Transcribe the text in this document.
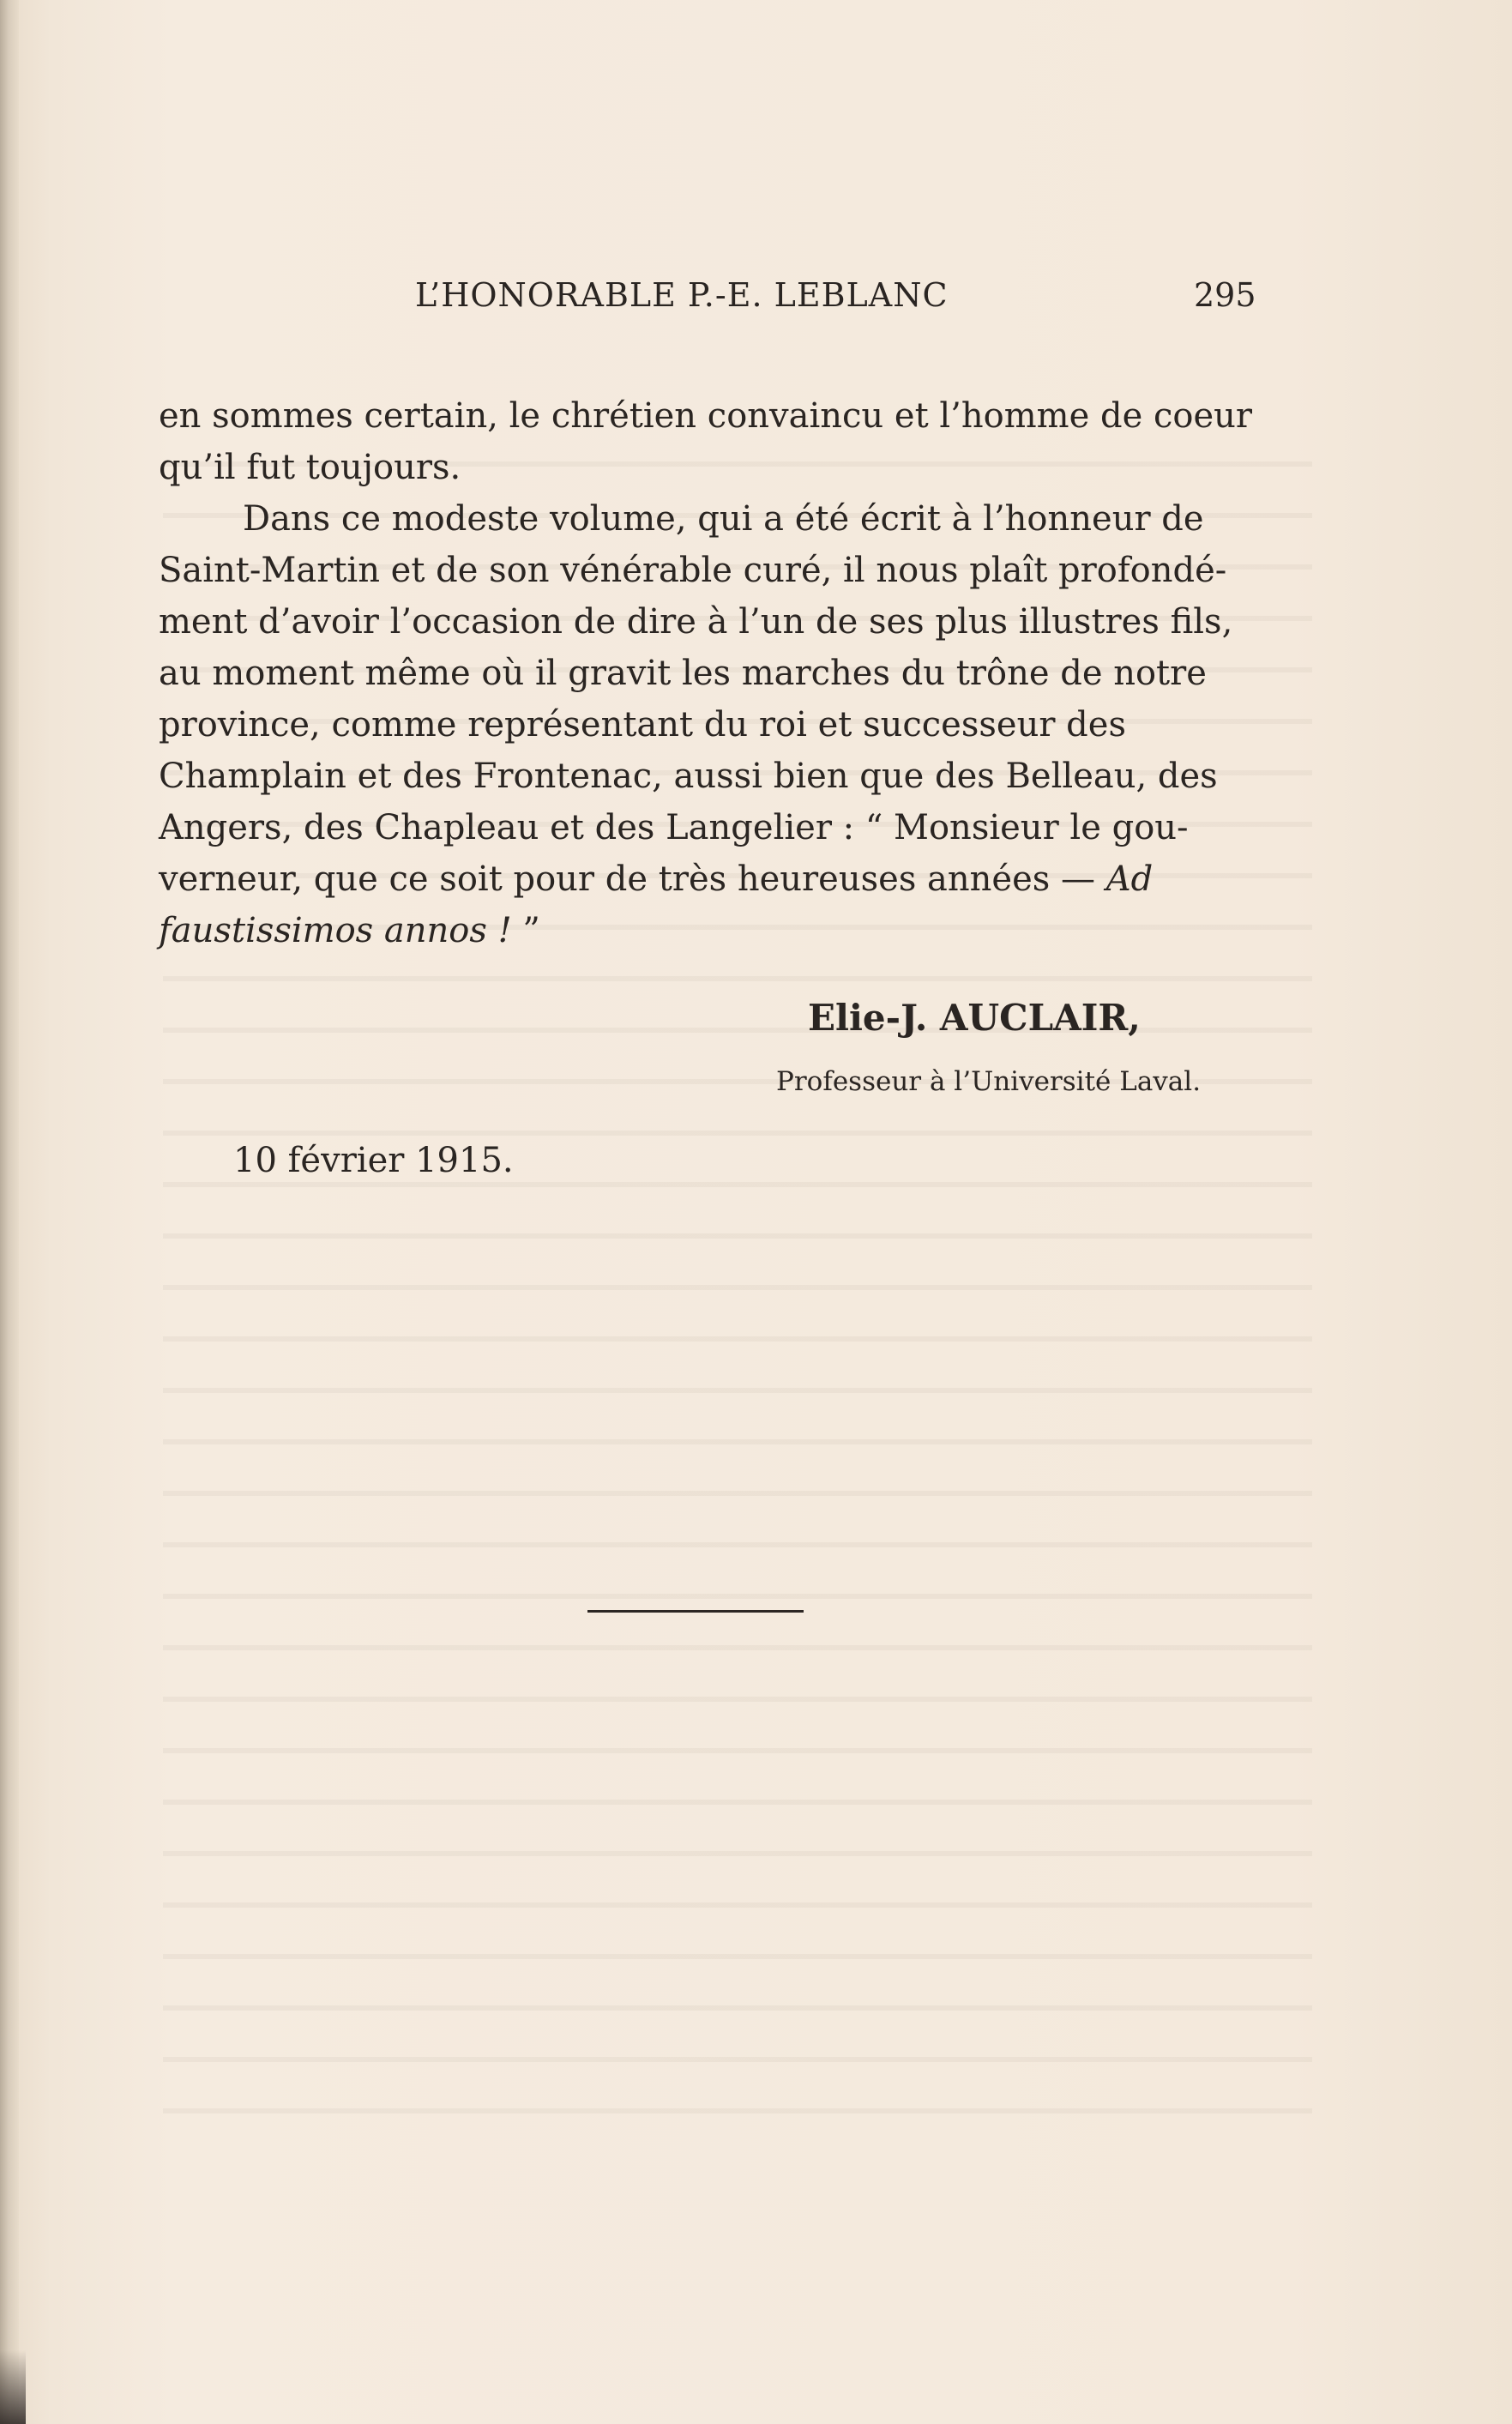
L’HONORABLE P.-E. LEBLANC	295
en sommes certain, le chrétien convaincu et l’homme de coeur
qu’il fut toujours.
Dans ce modeste volume, qui a été écrit à l’honneur de
Saint-Martin et de son vénérable curé, il nous plaît profondé-
ment d’avoir l’occasion de dire à l’un de ses plus illustres fils,
au moment même où il gravit les marches du trône de notre
province, comme représentant du roi et successeur des
Champlain et des Frontenac, aussi bien que des Belleau, des
Angers, des Chapleau et des Langelier : “ Monsieur le gou-
verneur, que ce soit pour de très heureuses années — Ad
faustissimos annos ! ”
Elie-J. AUCLAIR,
Professeur à l’Université Laval.
10 février 1915.
